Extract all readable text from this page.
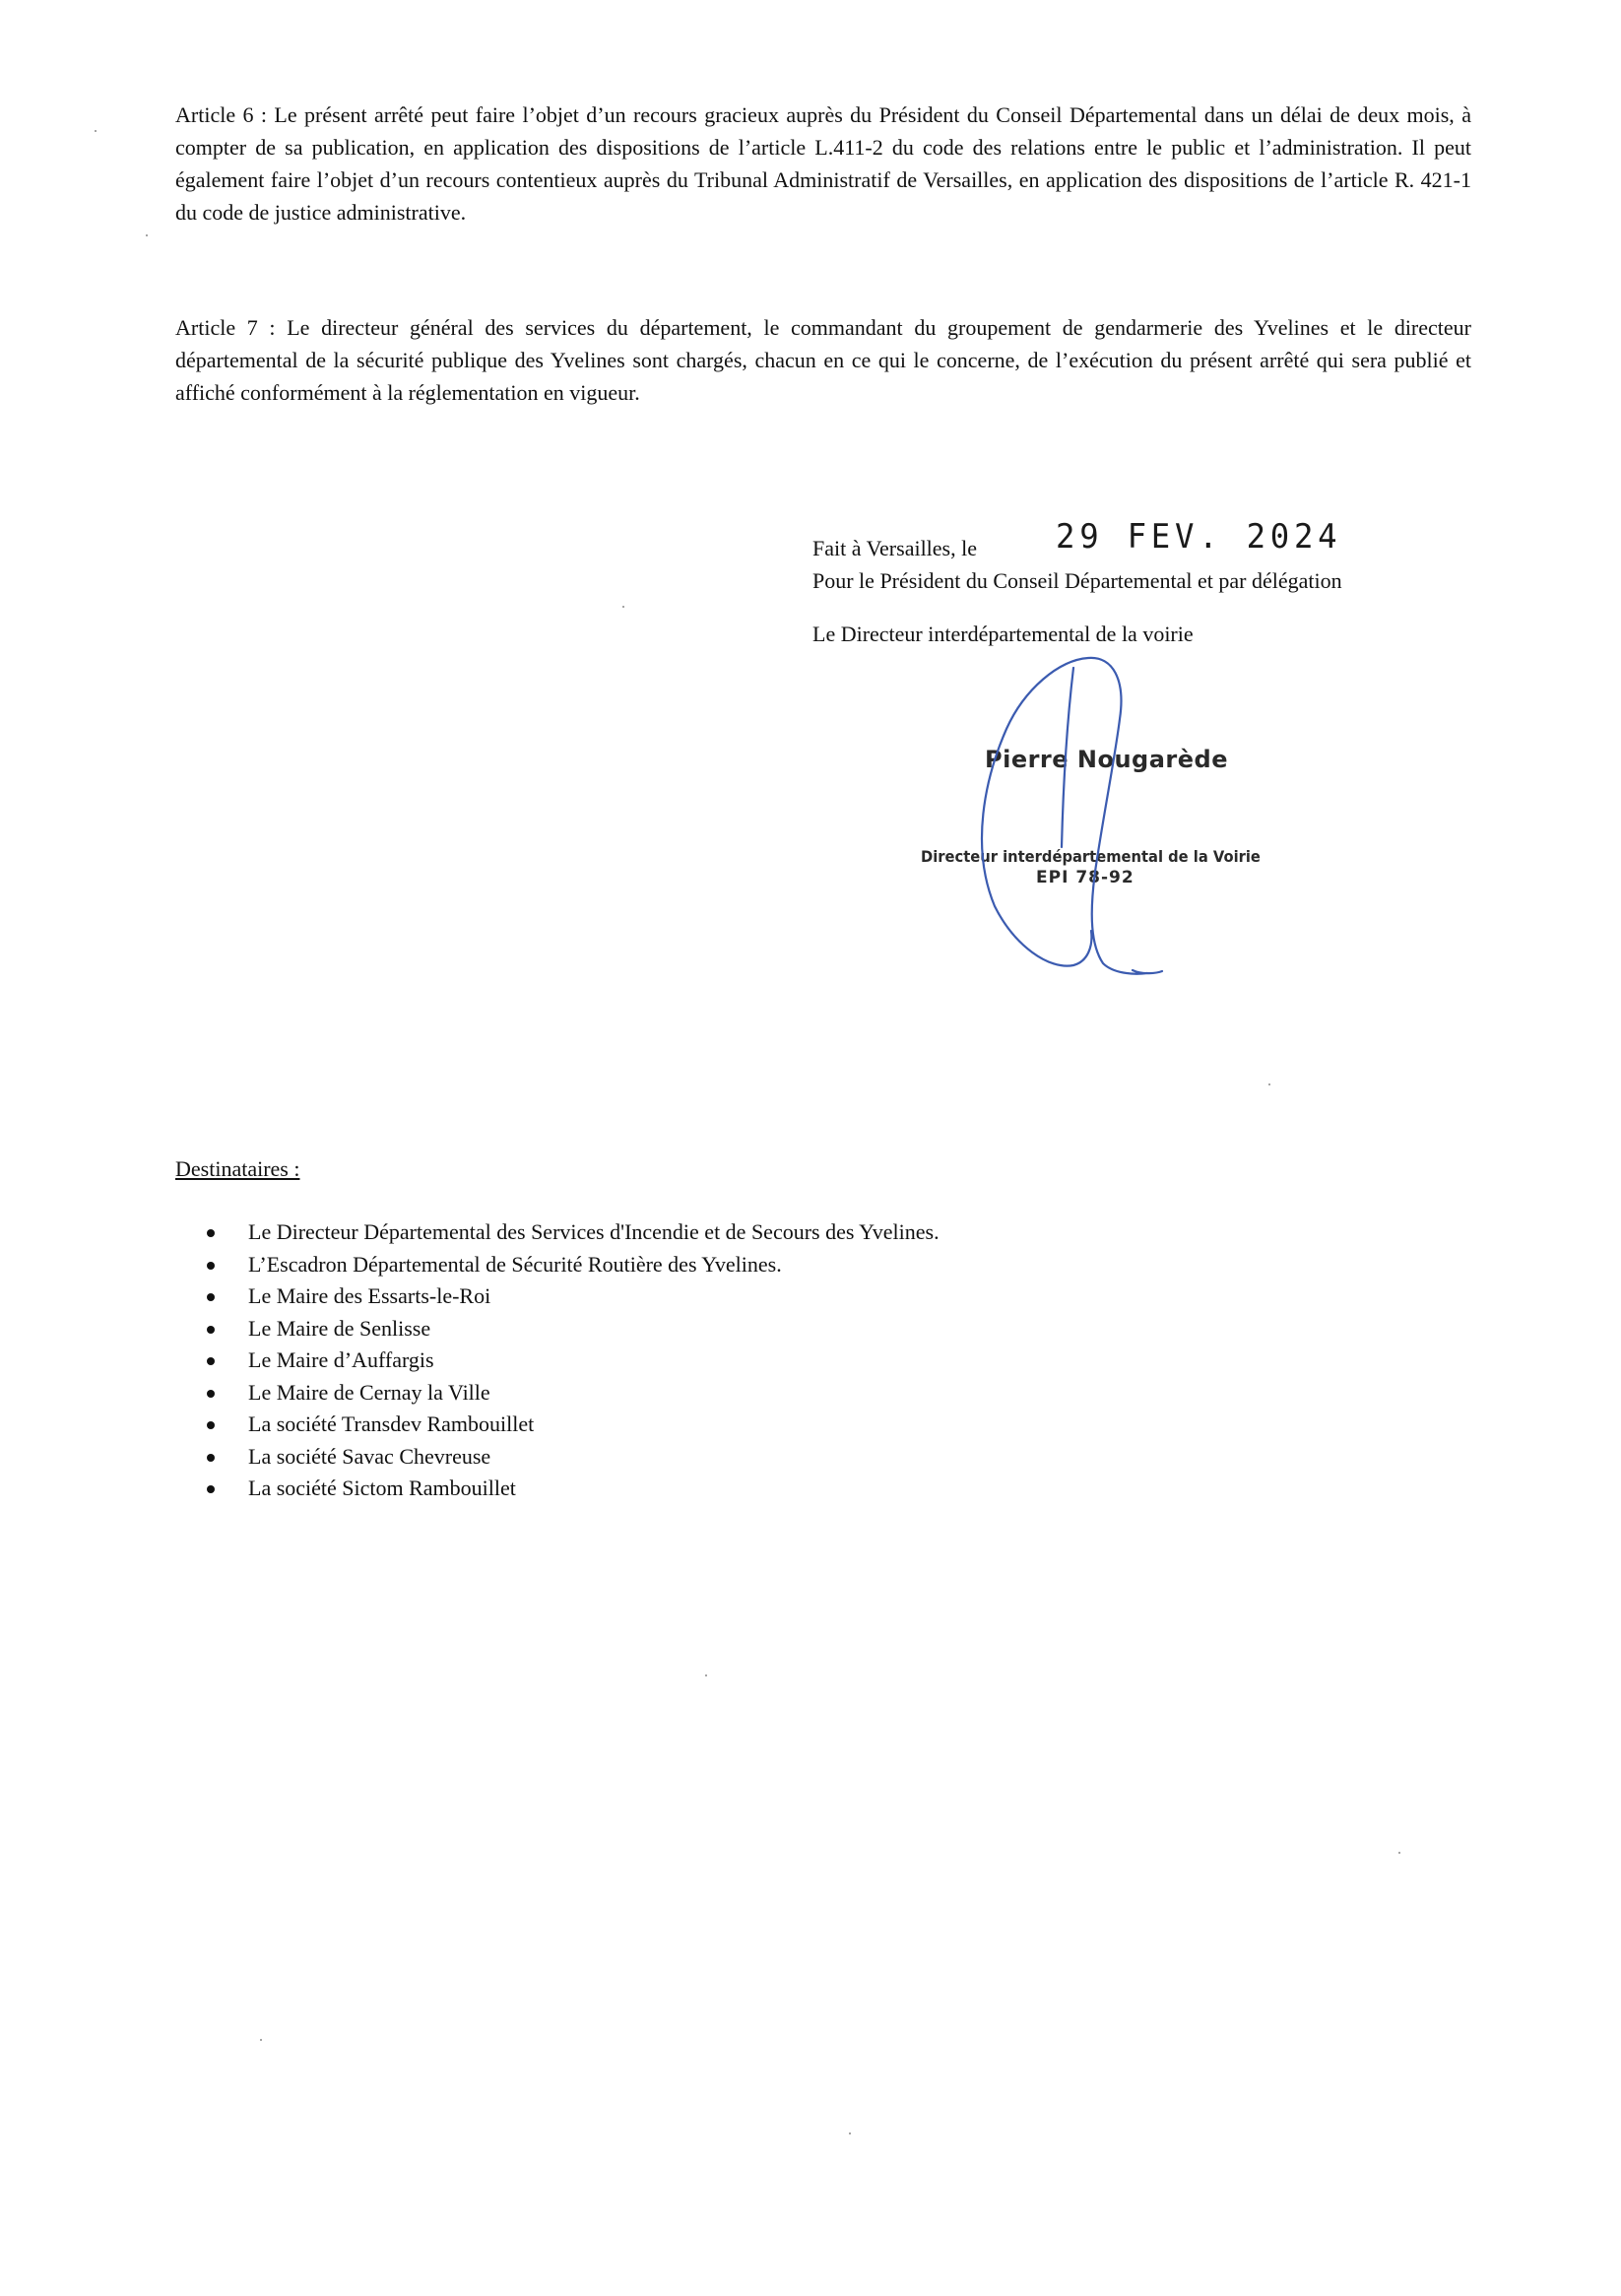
Article 6 : Le présent arrêté peut faire l’objet d’un recours gracieux auprès du Président du Conseil Départemental dans un délai de deux mois, à compter de sa publication, en application des dispositions de l’article L.411-2 du code des relations entre le public et l’administration. Il peut également faire l’objet d’un recours contentieux auprès du Tribunal Administratif de Versailles, en application des dispositions de l’article R. 421-1 du code de justice administrative.

Article 7 : Le directeur général des services du département, le commandant du groupement de gendarmerie des Yvelines et le directeur départemental de la sécurité publique des Yvelines sont chargés, chacun en ce qui le concerne, de l’exécution du présent arrêté qui sera publié et affiché conformément à la réglementation en vigueur.

29 FEV. 2024

Fait à Versailles, le

Pour le Président du Conseil Départemental et par délégation

Le Directeur interdépartemental de la voirie

Pierre Nougarède
Directeur interdépartemental de la Voirie
EPI 78-92

Destinataires :

Le Directeur Départemental des Services d'Incendie et de Secours des Yvelines.
L’Escadron Départemental de Sécurité Routière des Yvelines.
Le Maire des Essarts-le-Roi
Le Maire de Senlisse
Le Maire d’Auffargis
Le Maire de Cernay la Ville
La société Transdev Rambouillet
La société Savac Chevreuse
La société Sictom Rambouillet
